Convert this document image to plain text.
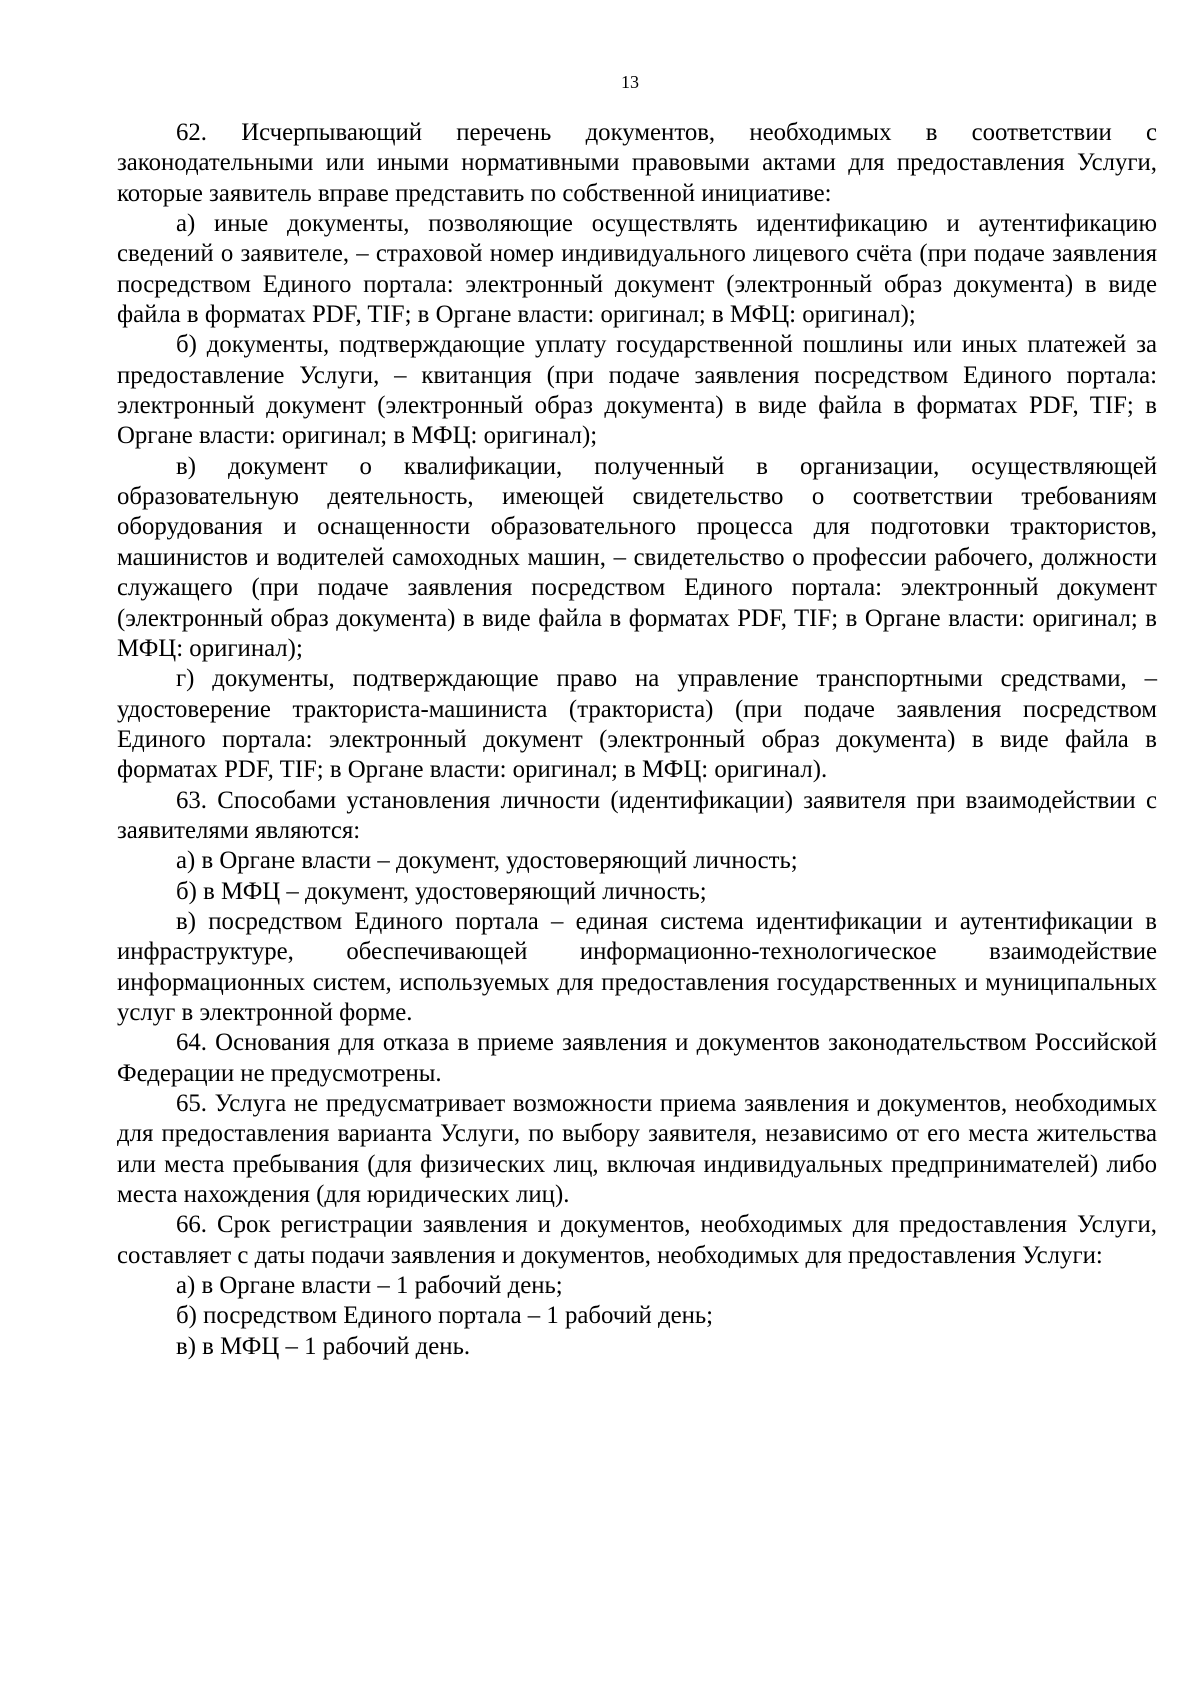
13

62. Исчерпывающий перечень документов, необходимых в соответствии с законодательными или иными нормативными правовыми актами для предоставления Услуги, которые заявитель вправе представить по собственной инициативе:

а) иные документы, позволяющие осуществлять идентификацию и аутентификацию сведений о заявителе, – страховой номер индивидуального лицевого счёта (при подаче заявления посредством Единого портала: электронный документ (электронный образ документа) в виде файла в форматах PDF, TIF; в Органе власти: оригинал; в МФЦ: оригинал);

б) документы, подтверждающие уплату государственной пошлины или иных платежей за предоставление Услуги, – квитанция (при подаче заявления посредством Единого портала: электронный документ (электронный образ документа) в виде файла в форматах PDF, TIF; в Органе власти: оригинал; в МФЦ: оригинал);

в) документ о квалификации, полученный в организации, осуществляющей образовательную деятельность, имеющей свидетельство о соответствии требованиям оборудования и оснащенности образовательного процесса для подготовки трактористов, машинистов и водителей самоходных машин, – свидетельство о профессии рабочего, должности служащего (при подаче заявления посредством Единого портала: электронный документ (электронный образ документа) в виде файла в форматах PDF, TIF; в Органе власти: оригинал; в МФЦ: оригинал);

г) документы, подтверждающие право на управление транспортными средствами, – удостоверение тракториста-машиниста (тракториста) (при подаче заявления посредством Единого портала: электронный документ (электронный образ документа) в виде файла в форматах PDF, TIF; в Органе власти: оригинал; в МФЦ: оригинал).

63. Способами установления личности (идентификации) заявителя при взаимодействии с заявителями являются:

а) в Органе власти – документ, удостоверяющий личность;

б) в МФЦ – документ, удостоверяющий личность;

в) посредством Единого портала – единая система идентификации и аутентификации в инфраструктуре, обеспечивающей информационно-технологическое взаимодействие информационных систем, используемых для предоставления государственных и муниципальных услуг в электронной форме.

64. Основания для отказа в приеме заявления и документов законодательством Российской Федерации не предусмотрены.

65. Услуга не предусматривает возможности приема заявления и документов, необходимых для предоставления варианта Услуги, по выбору заявителя, независимо от его места жительства или места пребывания (для физических лиц, включая индивидуальных предпринимателей) либо места нахождения (для юридических лиц).

66. Срок регистрации заявления и документов, необходимых для предоставления Услуги, составляет с даты подачи заявления и документов, необходимых для предоставления Услуги:

а) в Органе власти – 1 рабочий день;

б) посредством Единого портала – 1 рабочий день;

в) в МФЦ – 1 рабочий день.
